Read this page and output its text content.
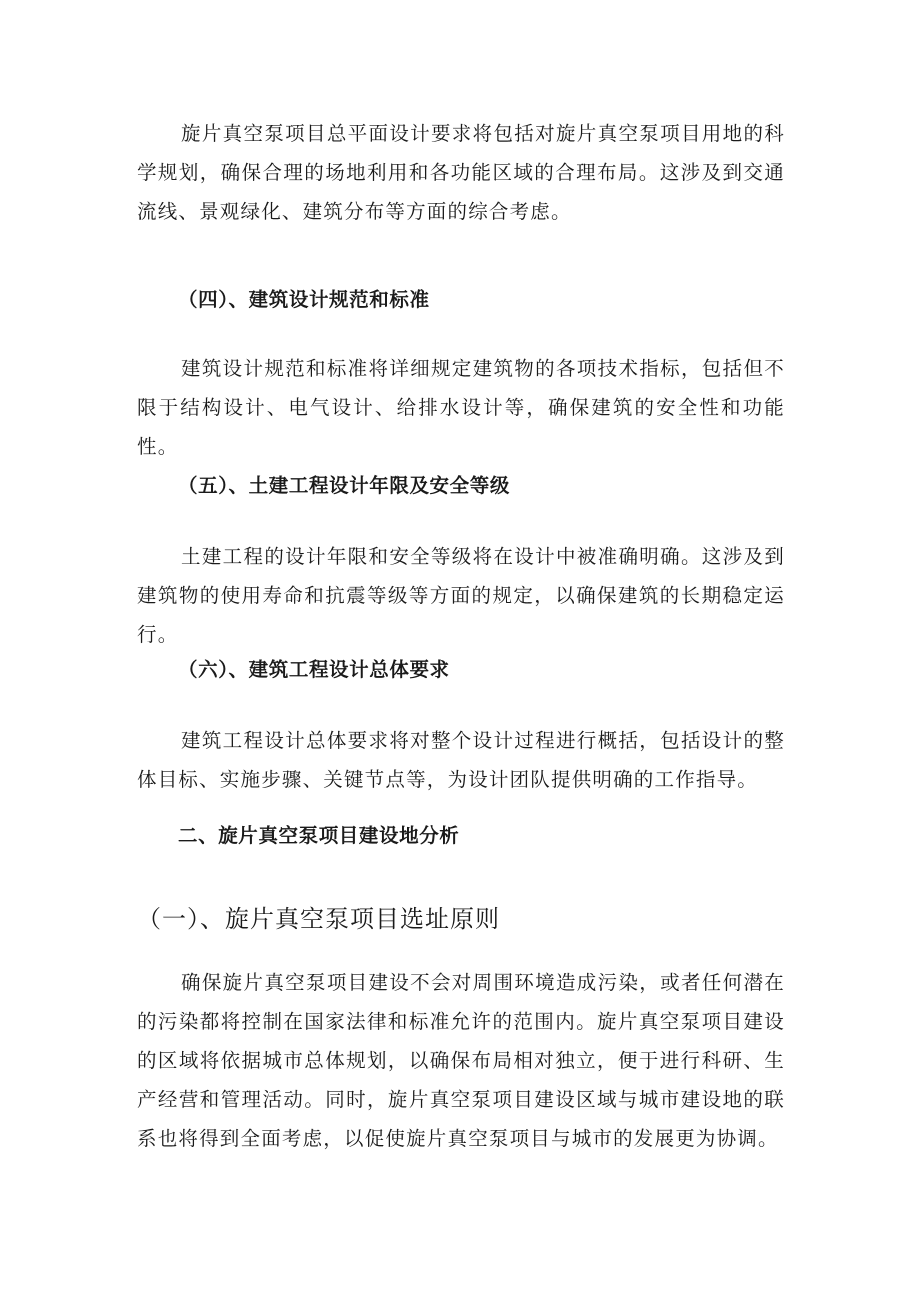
旋片真空泵项目总平面设计要求将包括对旋片真空泵项目用地的科学规划，确保合理的场地利用和各功能区域的合理布局。这涉及到交通流线、景观绿化、建筑分布等方面的综合考虑。

（四）、建筑设计规范和标准

建筑设计规范和标准将详细规定建筑物的各项技术指标，包括但不限于结构设计、电气设计、给排水设计等，确保建筑的安全性和功能性。

（五）、土建工程设计年限及安全等级

土建工程的设计年限和安全等级将在设计中被准确明确。这涉及到建筑物的使用寿命和抗震等级等方面的规定，以确保建筑的长期稳定运行。

（六）、建筑工程设计总体要求

建筑工程设计总体要求将对整个设计过程进行概括，包括设计的整体目标、实施步骤、关键节点等，为设计团队提供明确的工作指导。

二、旋片真空泵项目建设地分析
（一）、旋片真空泵项目选址原则

确保旋片真空泵项目建设不会对周围环境造成污染，或者任何潜在的污染都将控制在国家法律和标准允许的范围内。旋片真空泵项目建设的区域将依据城市总体规划，以确保布局相对独立，便于进行科研、生产经营和管理活动。同时，旋片真空泵项目建设区域与城市建设地的联系也将得到全面考虑，以促使旋片真空泵项目与城市的发展更为协调。
